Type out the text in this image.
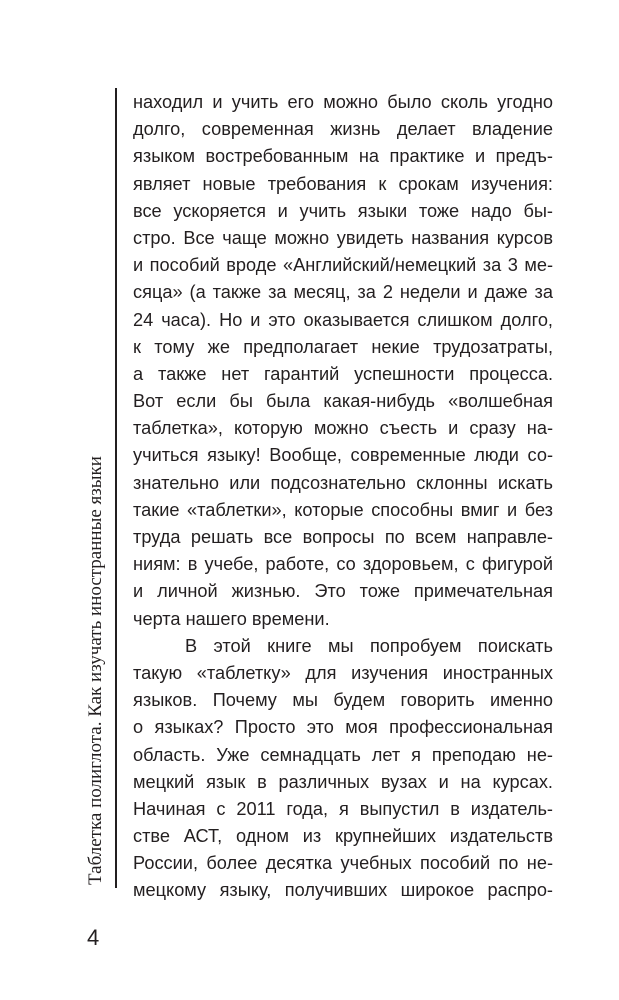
Таблетка полиглота. Как изучать иностранные языки
4
находил и учить его можно было сколь угодно
долго, современная жизнь делает владение
языком востребованным на практике и предъ-
являет новые требования к срокам изучения:
все ускоряется и учить языки тоже надо бы-
стро. Все чаще можно увидеть названия курсов
и пособий вроде «Английский/немецкий за 3 ме-
сяца» (а также за месяц, за 2 недели и даже за
24 часа). Но и это оказывается слишком долго,
к тому же предполагает некие трудозатраты,
а также нет гарантий успешности процесса.
Вот если бы была какая-нибудь «волшебная
таблетка», которую можно съесть и сразу на-
учиться языку! Вообще, современные люди со-
знательно или подсознательно склонны искать
такие «таблетки», которые способны вмиг и без
труда решать все вопросы по всем направле-
ниям: в учебе, работе, со здоровьем, с фигурой
и личной жизнью. Это тоже примечательная
черта нашего времени.
В этой книге мы попробуем поискать
такую «таблетку» для изучения иностранных
языков. Почему мы будем говорить именно
о языках? Просто это моя профессиональная
область. Уже семнадцать лет я преподаю не-
мецкий язык в различных вузах и на курсах.
Начиная с 2011 года, я выпустил в издатель-
стве АСТ, одном из крупнейших издательств
России, более десятка учебных пособий по не-
мецкому языку, получивших широкое распро-
